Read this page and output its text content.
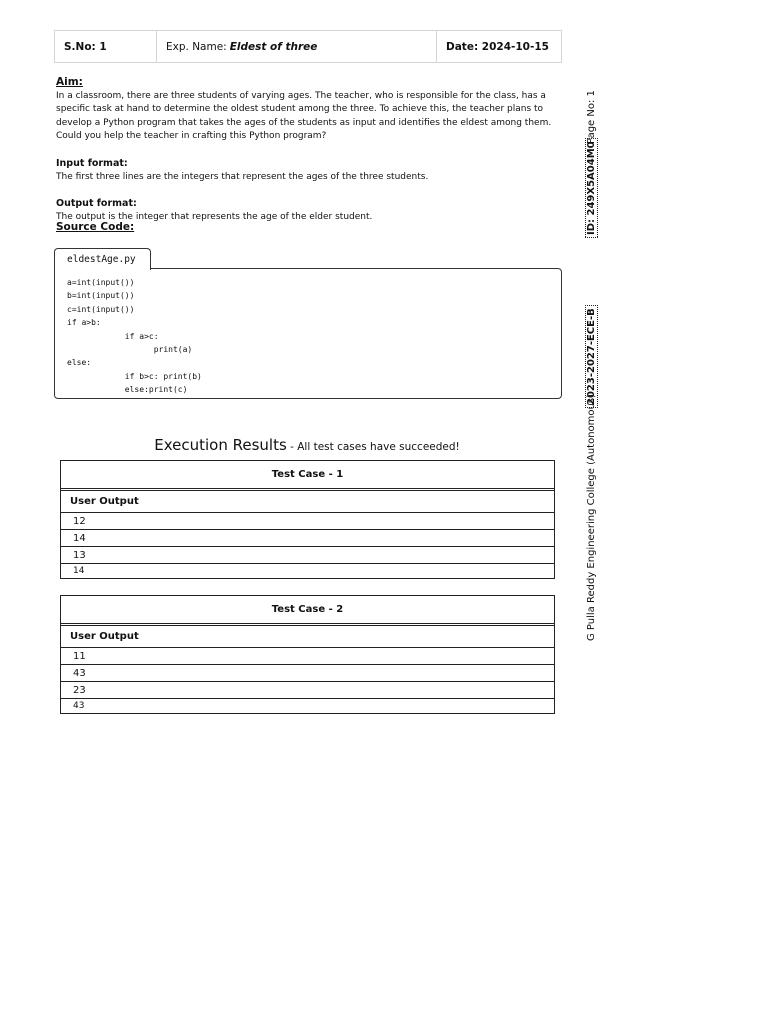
S.No: 1	Exp. Name: Eldest of three	Date: 2024-10-15
Aim:
In a classroom, there are three students of varying ages. The teacher, who is responsible for the class, has a specific task at hand to determine the oldest student among the three. To achieve this, the teacher plans to develop a Python program that takes the ages of the students as input and identifies the eldest among them. Could you help the teacher in crafting this Python program?
Input format:
The first three lines are the integers that represent the ages of the three students.
Output format:
The output is the integer that represents the age of the elder student.
Source Code:
eldestAge.py
a=int(input())
b=int(input())
c=int(input())
if a>b:
		if a>c:
			print(a)
else:
		if b>c: print(b)
		else:print(c)
Execution Results - All test cases have succeeded!
Test Case - 1
User Output
12
14
13
14
Test Case - 2
User Output
11
43
23
43
Page No: 1
ID: 249X5A04M0
2023-2027-ECE-B
G Pulla Reddy Engineering College (Autonomous)
